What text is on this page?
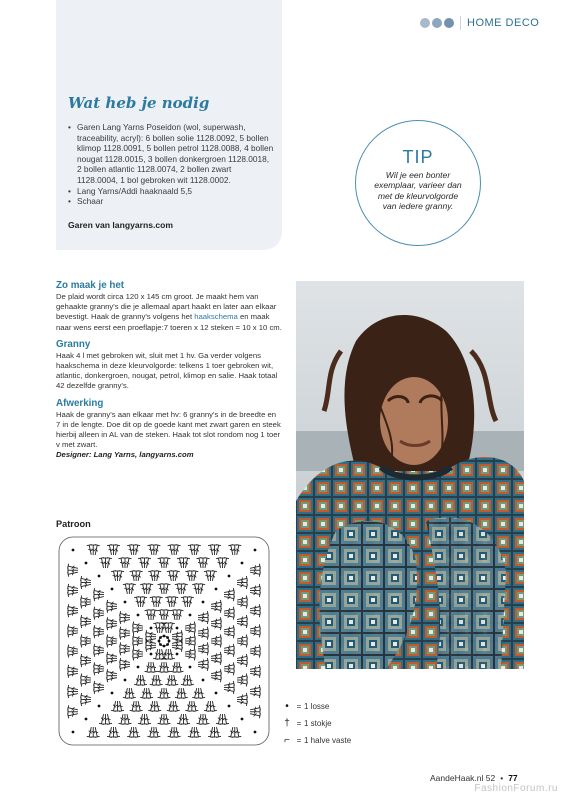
HOME DECO
Wat heb je nodig
• Garen Lang Yarns Poseidon (wol, superwash, traceability, acryl): 6 bollen solie 1128.0092, 5 bollen klimop 1128.0091, 5 bollen petrol 1128.0088, 4 bollen nougat 1128.0015, 3 bollen donkergroen 1128.0018, 2 bollen atlantic 1128.0074, 2 bollen zwart 1128.0004, 1 bol gebroken wit 1128.0002.
• Lang Yarns/Addi haaknaald 5,5
• Schaar
Garen van langyarns.com
TIP
Wil je een bonter exemplaar, varieer dan met de kleurvolgorde van iedere granny.
Zo maak je het

De plaid wordt circa 120 x 145 cm groot. Je maakt hem van gehaakte granny's die je allemaal apart haakt en later aan elkaar bevestigt. Haak de granny's volgens het haakschema en maak naar wens eerst een proeflapje:7 toeren x 12 steken = 10 x 10 cm.

Granny

Haak 4 l met gebroken wit, sluit met 1 hv. Ga verder volgens haakschema in deze kleurvolgorde: telkens 1 toer gebroken wit, atlantic, donkergroen, nougat, petrol, klimop en salie. Haak totaal 42 dezelfde granny's.

Afwerking

Haak de granny's aan elkaar met hv: 6 granny's in de breedte en 7 in de lengte. Doe dit op de goede kant met zwart garen en steek hierbij alleen in AL van de steken. Haak tot slot rondom nog 1 toer v met zwart.
Designer: Lang Yarns, langyarns.com

Patroon
• = 1 losse
† = 1 stokje
⌐ = 1 halve vaste
AandeHaak.nl 52 • 77
FashionForum.ru
